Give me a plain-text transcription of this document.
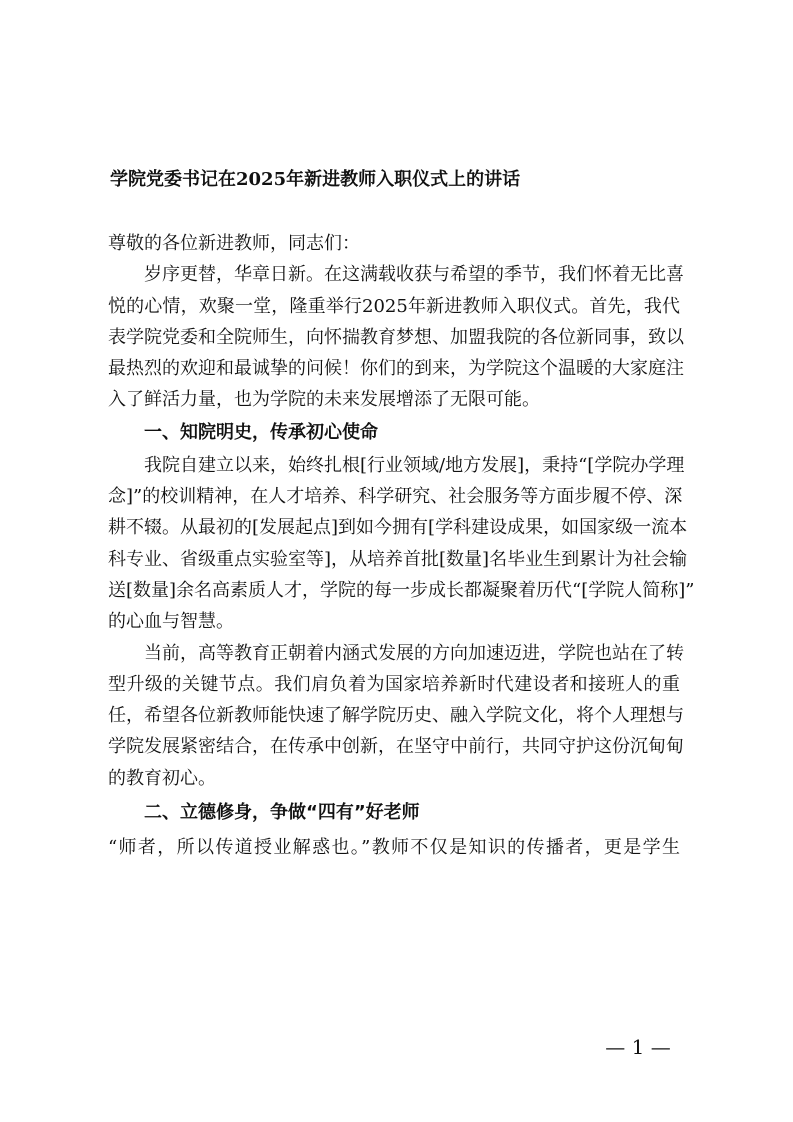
学院党委书记在2025年新进教师入职仪式上的讲话
尊敬的各位新进教师，同志们：
岁序更替，华章日新。在这满载收获与希望的季节，我们怀着无比喜
悦的心情，欢聚一堂，隆重举行2025年新进教师入职仪式。首先，我代
表学院党委和全院师生，向怀揣教育梦想、加盟我院的各位新同事，致以
最热烈的欢迎和最诚挚的问候！你们的到来，为学院这个温暖的大家庭注
入了鲜活力量，也为学院的未来发展增添了无限可能。
一、知院明史，传承初心使命
我院自建立以来，始终扎根[行业领域/地方发展]，秉持“[学院办学理
念]”的校训精神，在人才培养、科学研究、社会服务等方面步履不停、深
耕不辍。从最初的[发展起点]到如今拥有[学科建设成果，如国家级一流本
科专业、省级重点实验室等]，从培养首批[数量]名毕业生到累计为社会输
送[数量]余名高素质人才，学院的每一步成长都凝聚着历代“[学院人简称]”
的心血与智慧。
当前，高等教育正朝着内涵式发展的方向加速迈进，学院也站在了转
型升级的关键节点。我们肩负着为国家培养新时代建设者和接班人的重
任，希望各位新教师能快速了解学院历史、融入学院文化，将个人理想与
学院发展紧密结合，在传承中创新，在坚守中前行，共同守护这份沉甸甸
的教育初心。
二、立德修身，争做“四有”好老师
“师者，所以传道授业解惑也。”教师不仅是知识的传播者，更是学生
— 1 —
